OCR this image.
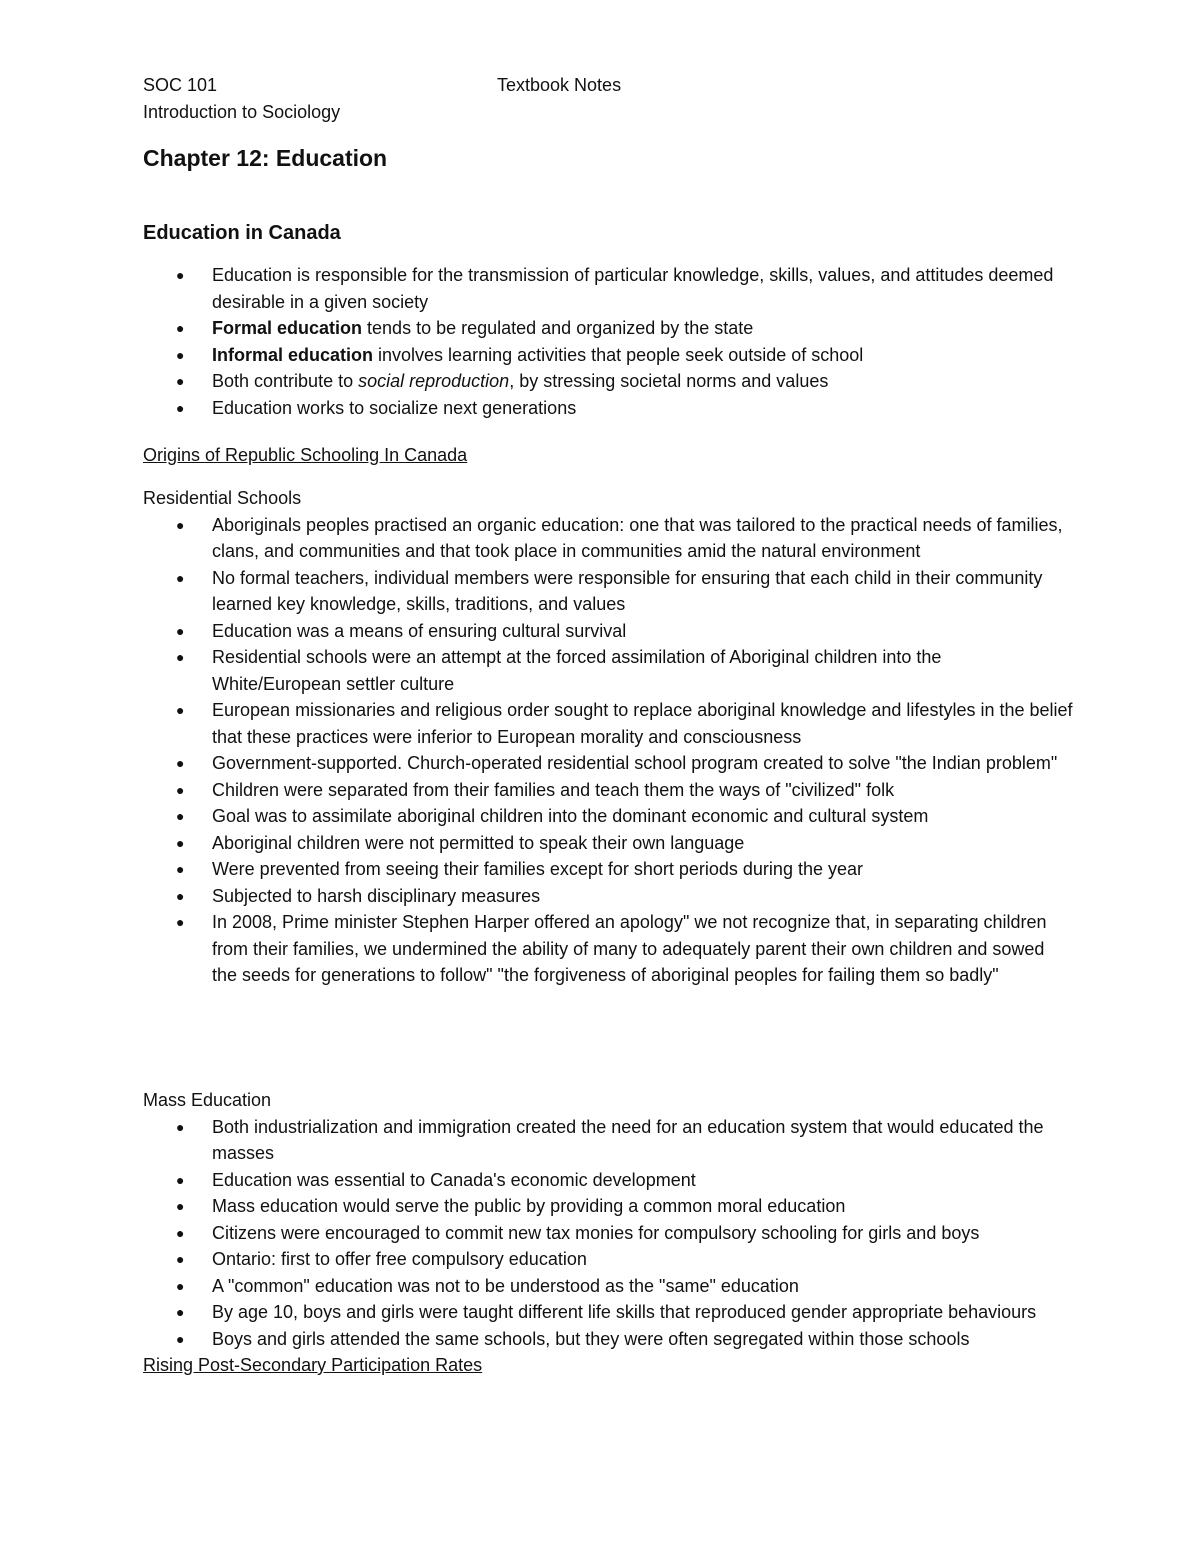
SOC 101
Introduction to Sociology
Textbook Notes
Chapter 12: Education
Education in Canada
● Education is responsible for the transmission of particular knowledge, skills, values, and attitudes deemed desirable in a given society
● Formal education tends to be regulated and organized by the state
● Informal education involves learning activities that people seek outside of school
● Both contribute to social reproduction, by stressing societal norms and values
● Education works to socialize next generations
Origins of Republic Schooling In Canada
Residential Schools
● Aboriginals peoples practised an organic education: one that was tailored to the practical needs of families, clans, and communities and that took place in communities amid the natural environment
● No formal teachers, individual members were responsible for ensuring that each child in their community learned key knowledge, skills, traditions, and values
● Education was a means of ensuring cultural survival
● Residential schools were an attempt at the forced assimilation of Aboriginal children into the White/European settler culture
● European missionaries and religious order sought to replace aboriginal knowledge and lifestyles in the belief that these practices were inferior to European morality and consciousness
● Government-supported. Church-operated residential school program created to solve "the Indian problem"
● Children were separated from their families and teach them the ways of "civilized" folk
● Goal was to assimilate aboriginal children into the dominant economic and cultural system
● Aboriginal children were not permitted to speak their own language
● Were prevented from seeing their families except for short periods during the year
● Subjected to harsh disciplinary measures
● In 2008, Prime minister Stephen Harper offered an apology" we not recognize that, in separating children from their families, we undermined the ability of many to adequately parent their own children and sowed the seeds for generations to follow" "the forgiveness of aboriginal peoples for failing them so badly"
Mass Education
● Both industrialization and immigration created the need for an education system that would educated the masses
● Education was essential to Canada's economic development
● Mass education would serve the public by providing a common moral education
● Citizens were encouraged to commit new tax monies for compulsory schooling for girls and boys
● Ontario: first to offer free compulsory education
● A "common" education was not to be understood as the "same" education
● By age 10, boys and girls were taught different life skills that reproduced gender appropriate behaviours
● Boys and girls attended the same schools, but they were often segregated within those schools
Rising Post-Secondary Participation Rates
